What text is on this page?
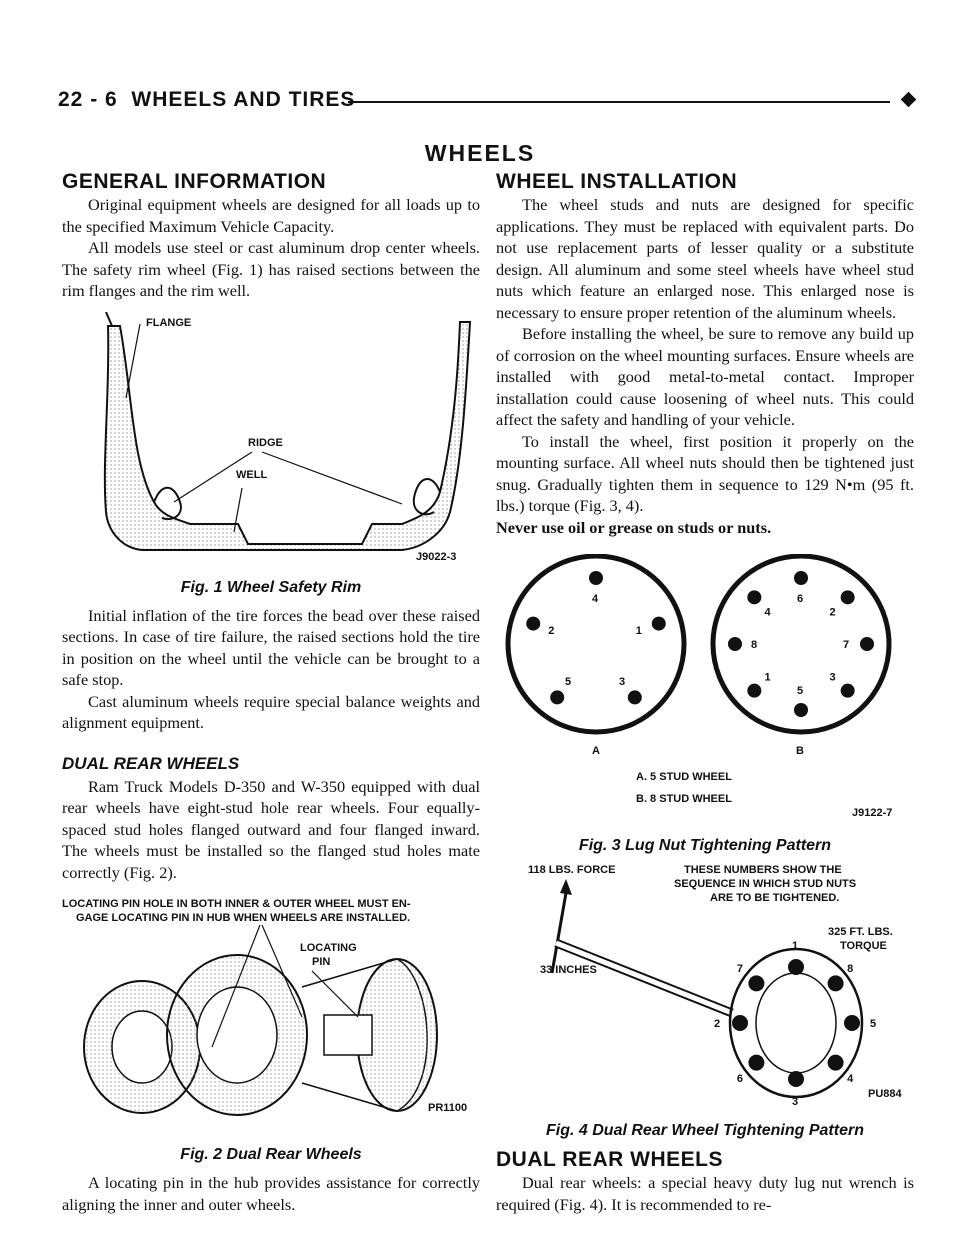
22 - 6 WHEELS AND TIRES
WHEELS
GENERAL INFORMATION

Original equipment wheels are designed for all loads up to the specified Maximum Vehicle Capacity.

All models use steel or cast aluminum drop center wheels. The safety rim wheel (Fig. 1) has raised sections between the rim flanges and the rim well.

FLANGE
RIDGE
WELL
J9022-3
Fig. 1 Wheel Safety Rim

Initial inflation of the tire forces the bead over these raised sections. In case of tire failure, the raised sections hold the tire in position on the wheel until the vehicle can be brought to a safe stop.

Cast aluminum wheels require special balance weights and alignment equipment.

DUAL REAR WHEELS

Ram Truck Models D-350 and W-350 equipped with dual rear wheels have eight-stud hole rear wheels. Four equally-spaced stud holes flanged outward and four flanged inward. The wheels must be installed so the flanged stud holes mate correctly (Fig. 2).

LOCATING PIN HOLE IN BOTH INNER & OUTER WHEEL MUST EN-
GAGE LOCATING PIN IN HUB WHEN WHEELS ARE INSTALLED.
LOCATING
PIN
PR1100
Fig. 2 Dual Rear Wheels

A locating pin in the hub provides assistance for correctly aligning the inner and outer wheels.

WHEEL INSTALLATION

The wheel studs and nuts are designed for specific applications. They must be replaced with equivalent parts. Do not use replacement parts of lesser quality or a substitute design. All aluminum and some steel wheels have wheel stud nuts which feature an enlarged nose. This enlarged nose is necessary to ensure proper retention of the aluminum wheels.

Before installing the wheel, be sure to remove any build up of corrosion on the wheel mounting surfaces. Ensure wheels are installed with good metal-to-metal contact. Improper installation could cause loosening of wheel nuts. This could affect the safety and handling of your vehicle.

To install the wheel, first position it properly on the mounting surface. All wheel nuts should then be tightened just snug. Gradually tighten them in sequence to 129 N•m (95 ft. lbs.) torque (Fig. 3, 4).

Never use oil or grease on studs or nuts.

4
1
3
5
2
6
2
7
3
5
1
8
4
A	B
A. 5 STUD WHEEL
B. 8 STUD WHEEL
J9122-7
Fig. 3 Lug Nut Tightening Pattern
118 LBS. FORCE	THESE NUMBERS SHOW THE
SEQUENCE IN WHICH STUD NUTS
ARE TO BE TIGHTENED.
1
8
5
4
3
6
2
7
325 FT. LBS.
TORQUE
33 INCHES
PU884
Fig. 4 Dual Rear Wheel Tightening Pattern
DUAL REAR WHEELS

Dual rear wheels: a special heavy duty lug nut wrench is required (Fig. 4). It is recommended to re-
